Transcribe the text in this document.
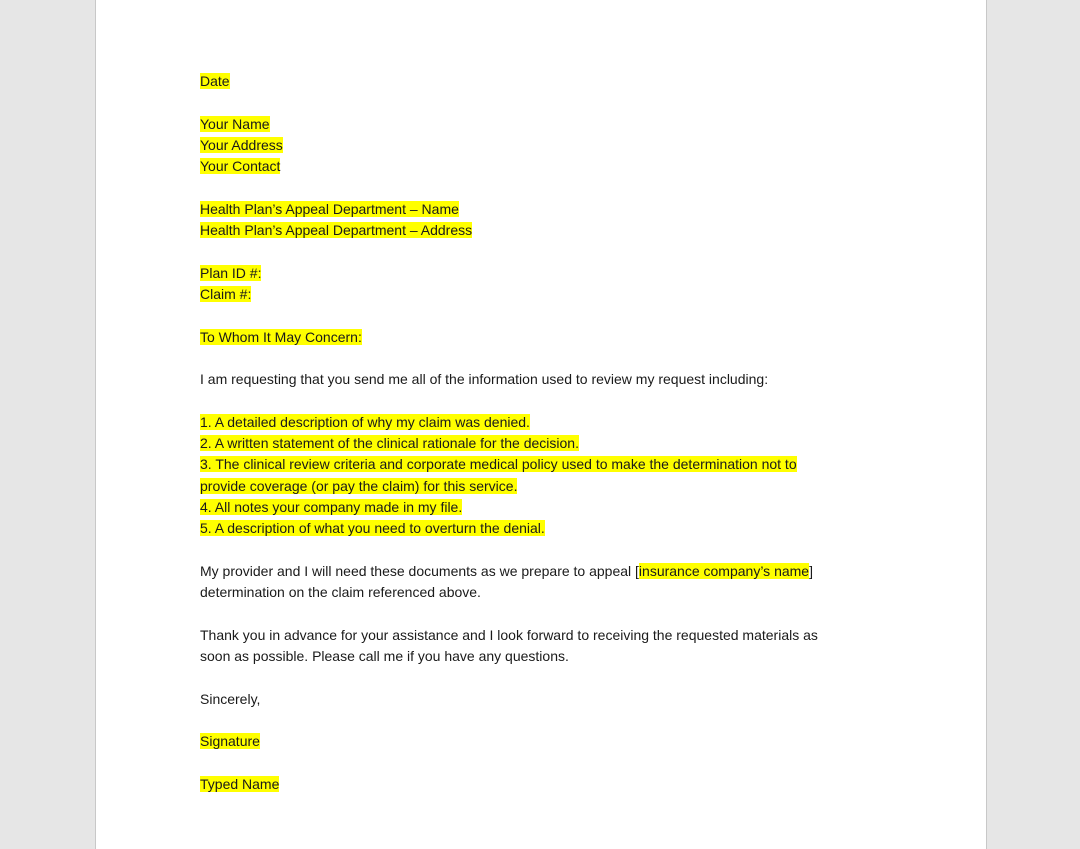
Date

Your Name

Your Address

Your Contact

Health Plan’s Appeal Department – Name

Health Plan’s Appeal Department – Address

Plan ID #:

Claim #:

To Whom It May Concern:

I am requesting that you send me all of the information used to review my request including:

1. A detailed description of why my claim was denied.

2. A written statement of the clinical rationale for the decision.

3. The clinical review criteria and corporate medical policy used to make the determination not to

provide coverage (or pay the claim) for this service.

4. All notes your company made in my file.

5. A description of what you need to overturn the denial.

My provider and I will need these documents as we prepare to appeal [insurance company’s name]

determination on the claim referenced above.

Thank you in advance for your assistance and I look forward to receiving the requested materials as

soon as possible. Please call me if you have any questions.

Sincerely,

Signature

Typed Name
